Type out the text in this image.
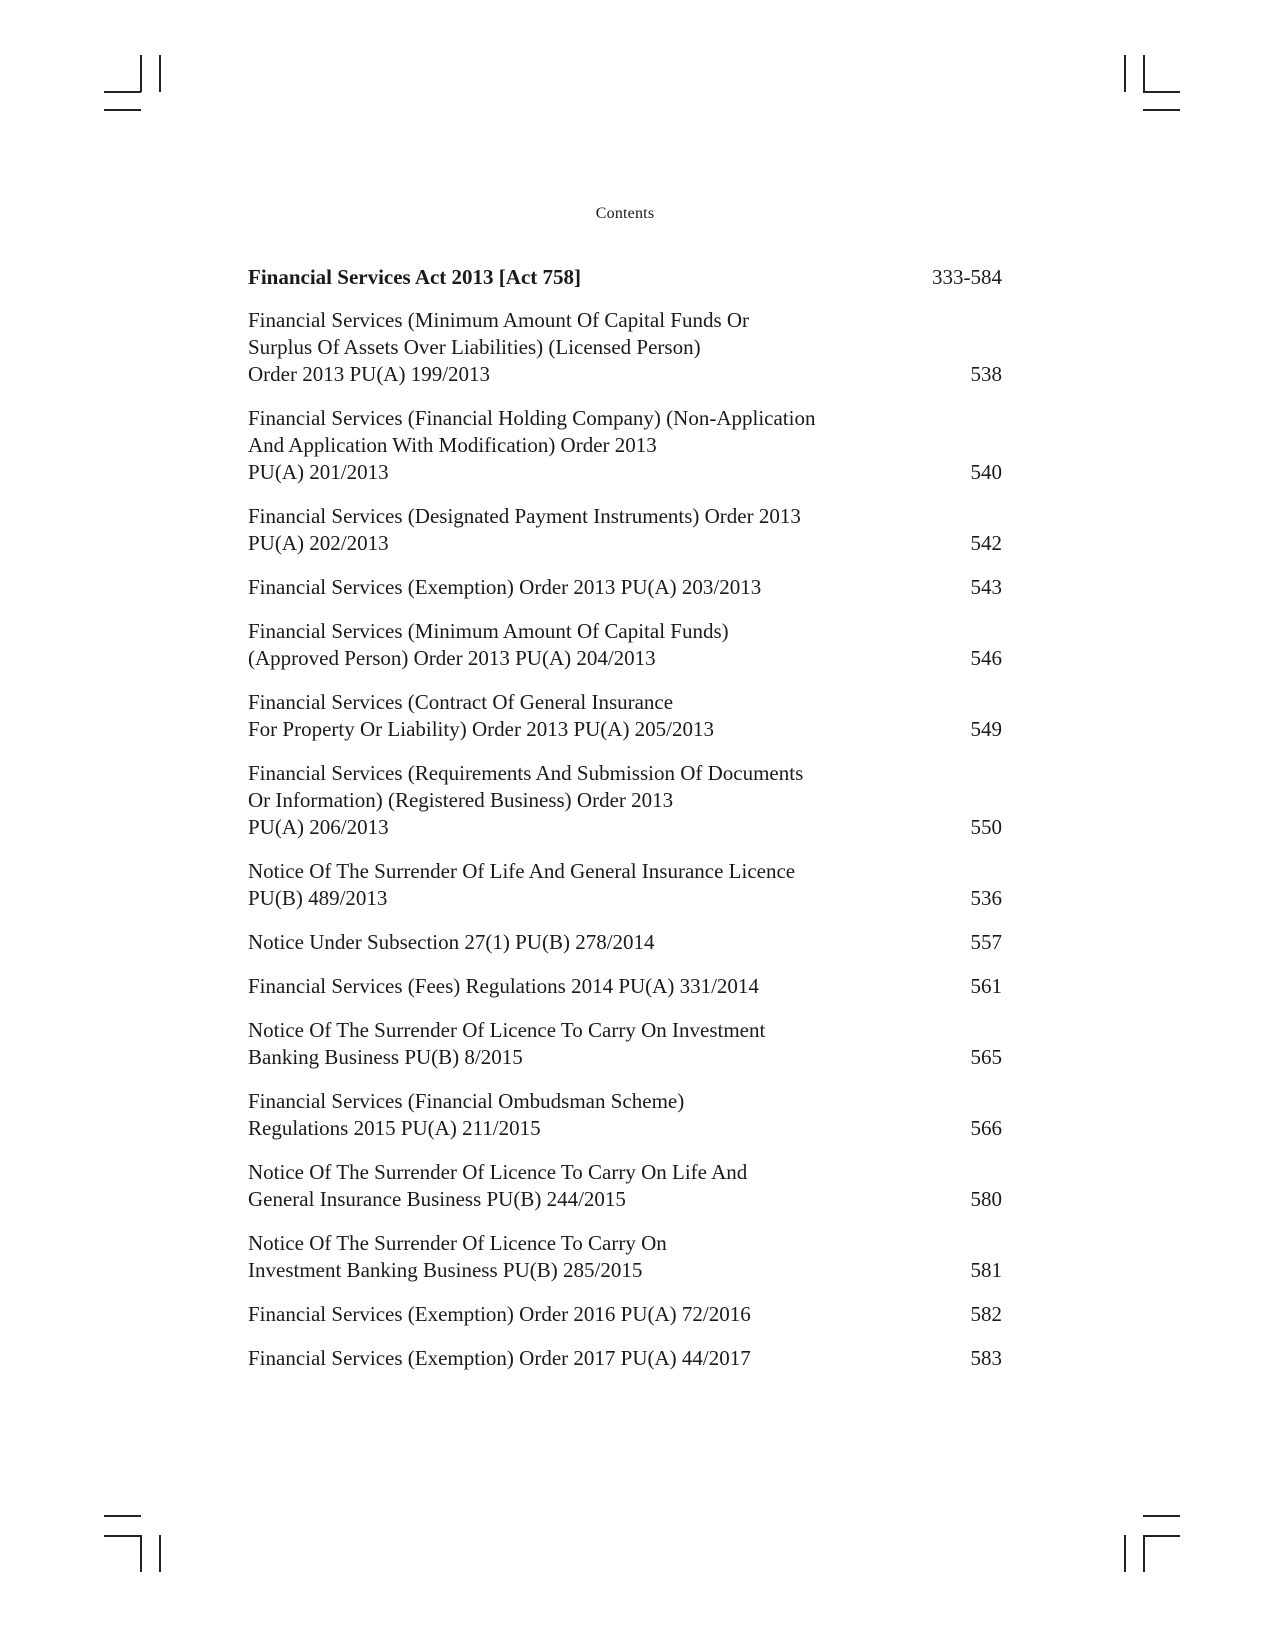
Contents
Financial Services Act 2013 [Act 758]	333-584
Financial Services (Minimum Amount Of Capital Funds Or
Surplus Of Assets Over Liabilities) (Licensed Person)
Order 2013 PU(A) 199/2013	538
Financial Services (Financial Holding Company) (Non-Application
And Application With Modification) Order 2013
PU(A) 201/2013	540
Financial Services (Designated Payment Instruments) Order 2013
PU(A) 202/2013	542
Financial Services (Exemption) Order 2013 PU(A) 203/2013	543
Financial Services (Minimum Amount Of Capital Funds)
(Approved Person) Order 2013 PU(A) 204/2013	546
Financial Services (Contract Of General Insurance
For Property Or Liability) Order 2013 PU(A) 205/2013	549
Financial Services (Requirements And Submission Of Documents
Or Information) (Registered Business) Order 2013
PU(A) 206/2013	550
Notice Of The Surrender Of Life And General Insurance Licence
PU(B) 489/2013	536
Notice Under Subsection 27(1) PU(B) 278/2014	557
Financial Services (Fees) Regulations 2014 PU(A) 331/2014	561
Notice Of The Surrender Of Licence To Carry On Investment
Banking Business PU(B) 8/2015	565
Financial Services (Financial Ombudsman Scheme)
Regulations 2015 PU(A) 211/2015	566
Notice Of The Surrender Of Licence To Carry On Life And
General Insurance Business PU(B) 244/2015	580
Notice Of The Surrender Of Licence To Carry On
Investment Banking Business PU(B) 285/2015	581
Financial Services (Exemption) Order 2016 PU(A) 72/2016	582
Financial Services (Exemption) Order 2017 PU(A) 44/2017	583
